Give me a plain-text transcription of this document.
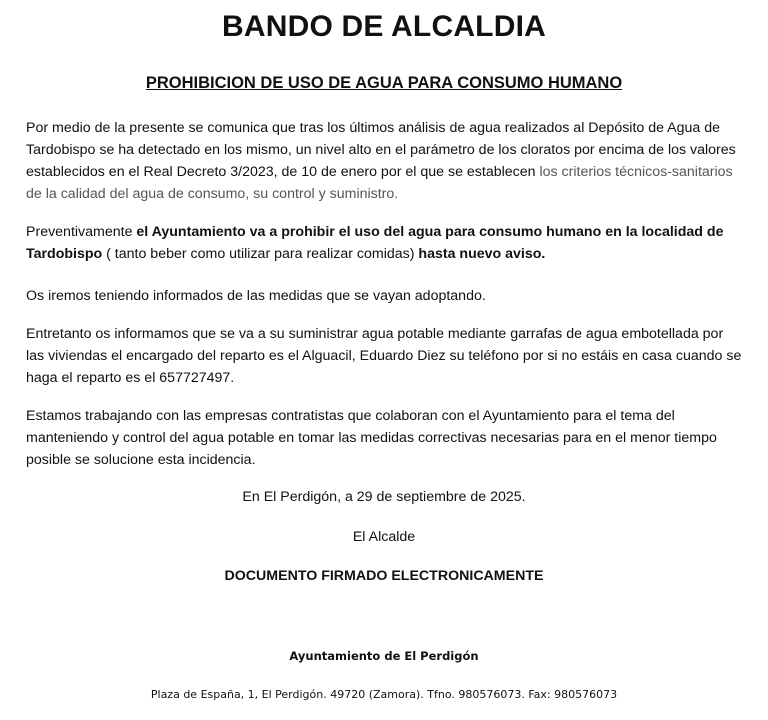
BANDO DE ALCALDIA
PROHIBICION DE USO DE AGUA PARA CONSUMO HUMANO

Por medio de la presente se comunica que tras los últimos análisis de agua realizados al Depósito de Agua de Tardobispo se ha detectado en los mismo, un nivel alto en el parámetro de los cloratos por encima de los valores establecidos en el Real Decreto 3/2023, de 10 de enero por el que se establecen los criterios técnicos-sanitarios de la calidad del agua de consumo, su control y suministro.

Preventivamente el Ayuntamiento va a prohibir el uso del agua para consumo humano en la localidad de Tardobispo ( tanto beber como utilizar para realizar comidas) hasta nuevo aviso.

Os iremos teniendo informados de las medidas que se vayan adoptando.

Entretanto os informamos que se va a su suministrar agua potable mediante garrafas de agua embotellada por las viviendas el encargado del reparto es el Alguacil, Eduardo Diez su teléfono por si no estáis en casa cuando se haga el reparto es el 657727497.

Estamos trabajando con las empresas contratistas que colaboran con el Ayuntamiento para el tema del manteniendo y control del agua potable en tomar las medidas correctivas necesarias para en el menor tiempo posible se solucione esta incidencia.

En El Perdigón, a 29 de septiembre de 2025.
El Alcalde
DOCUMENTO FIRMADO ELECTRONICAMENTE
Ayuntamiento de El Perdigón
Plaza de España, 1, El Perdigón. 49720 (Zamora). Tfno. 980576073. Fax: 980576073
